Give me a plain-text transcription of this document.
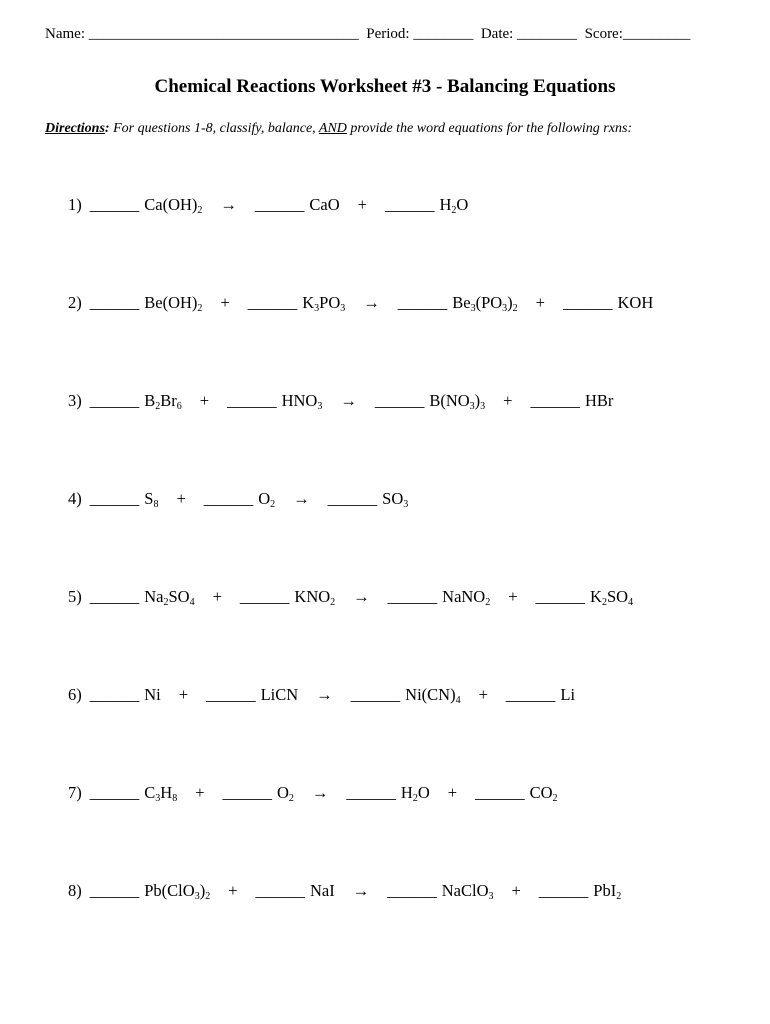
Name: ____________________________________ Period: ________ Date: ________ Score:_________
Chemical Reactions Worksheet #3 - Balancing Equations
Directions: For questions 1-8, classify, balance, AND provide the word equations for the following rxns:
1) ______ $Ca(OH)_2$ → ______ CaO + ______ $H_2O$
2) ______ $Be(OH)_2$ + ______ $K_3PO_3$ → ______ $Be_3(PO_3)_2$ + ______ KOH
3) ______ $B_2Br_6$ + ______ $HNO_3$ → ______ $B(NO_3)_3$ + ______ HBr
4) ______ $S_8$ + ______ $O_2$ → ______ $SO_3$
5) ______ $Na_2SO_4$ + ______ $KNO_2$ → ______ NaNO$_2$ + ______ $K_2SO_4$
6) ______ Ni + ______ LiCN → ______ $Ni(CN)_4$ + ______ Li
7) ______ $C_3H_8$ + ______ $O_2$ → ______ $H_2O$ + ______ $CO_2$
8) ______ $Pb(ClO_3)_2$ + ______ NaI → ______ NaClO$_3$ + ______ PbI$_2$
